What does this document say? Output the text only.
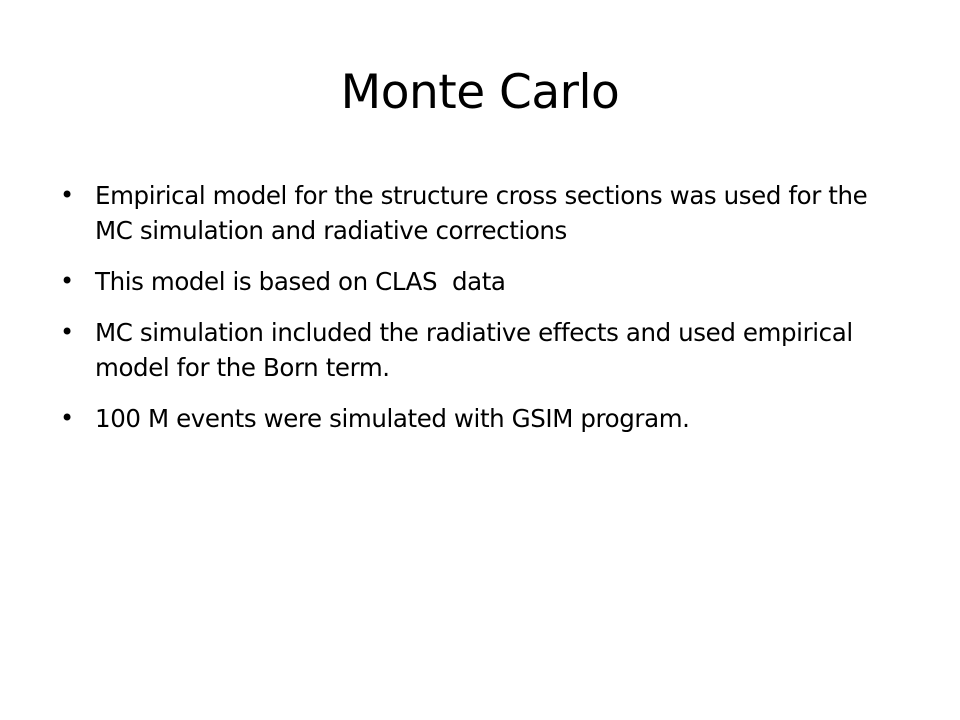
Monte Carlo
• Empirical model for the structure cross sections was used for the MC simulation and radiative corrections
• This model is based on CLAS  data
• MC simulation included the radiative effects and used empirical model for the Born term.
• 100 M events were simulated with GSIM program.
